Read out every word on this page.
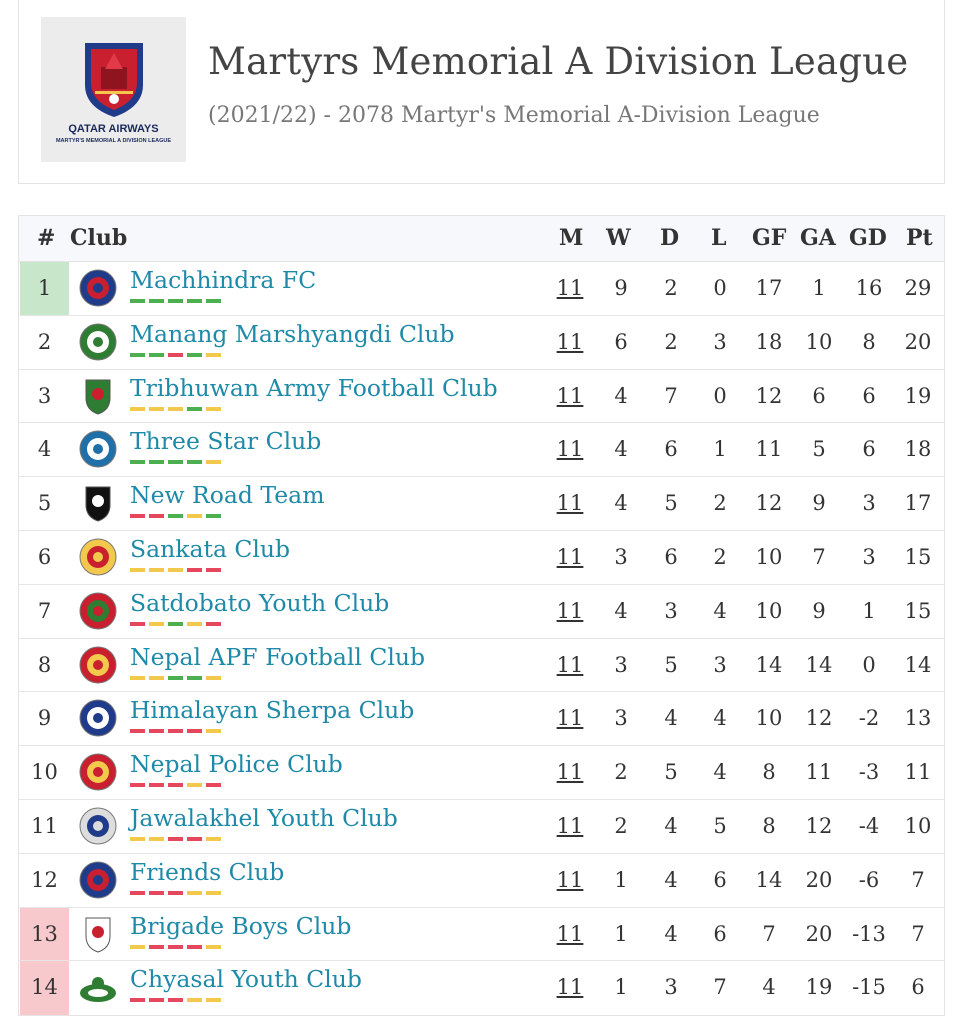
QATAR AIRWAYS
MARTYR'S MEMORIAL A DIVISION LEAGUE
Martyrs Memorial A Division League
(2021/22) - 2078 Martyr's Memorial A-Division League
# Club	M W D L GF GA GD Pt
1	Machhindra FC	11	9	2	0	17	1	16	29
2	Manang Marshyangdi Club	11	6	2	3	18	10	8	20
3	Tribhuwan Army Football Club	11	4	7	0	12	6	6	19
4	Three Star Club	11	4	6	1	11	5	6	18
5	New Road Team	11	4	5	2	12	9	3	17
6	Sankata Club	11	3	6	2	10	7	3	15
7	Satdobato Youth Club	11	4	3	4	10	9	1	15
8	Nepal APF Football Club	11	3	5	3	14	14	0	14
9	Himalayan Sherpa Club	11	3	4	4	10	12	-2	13
10	Nepal Police Club	11	2	5	4	8	11	-3	11
11	Jawalakhel Youth Club	11	2	4	5	8	12	-4	10
12	Friends Club	11	1	4	6	14	20	-6	7
13	Brigade Boys Club	11	1	4	6	7	20 -13	7
14	Chyasal Youth Club	11	1	3	7	4	19 -15	6
